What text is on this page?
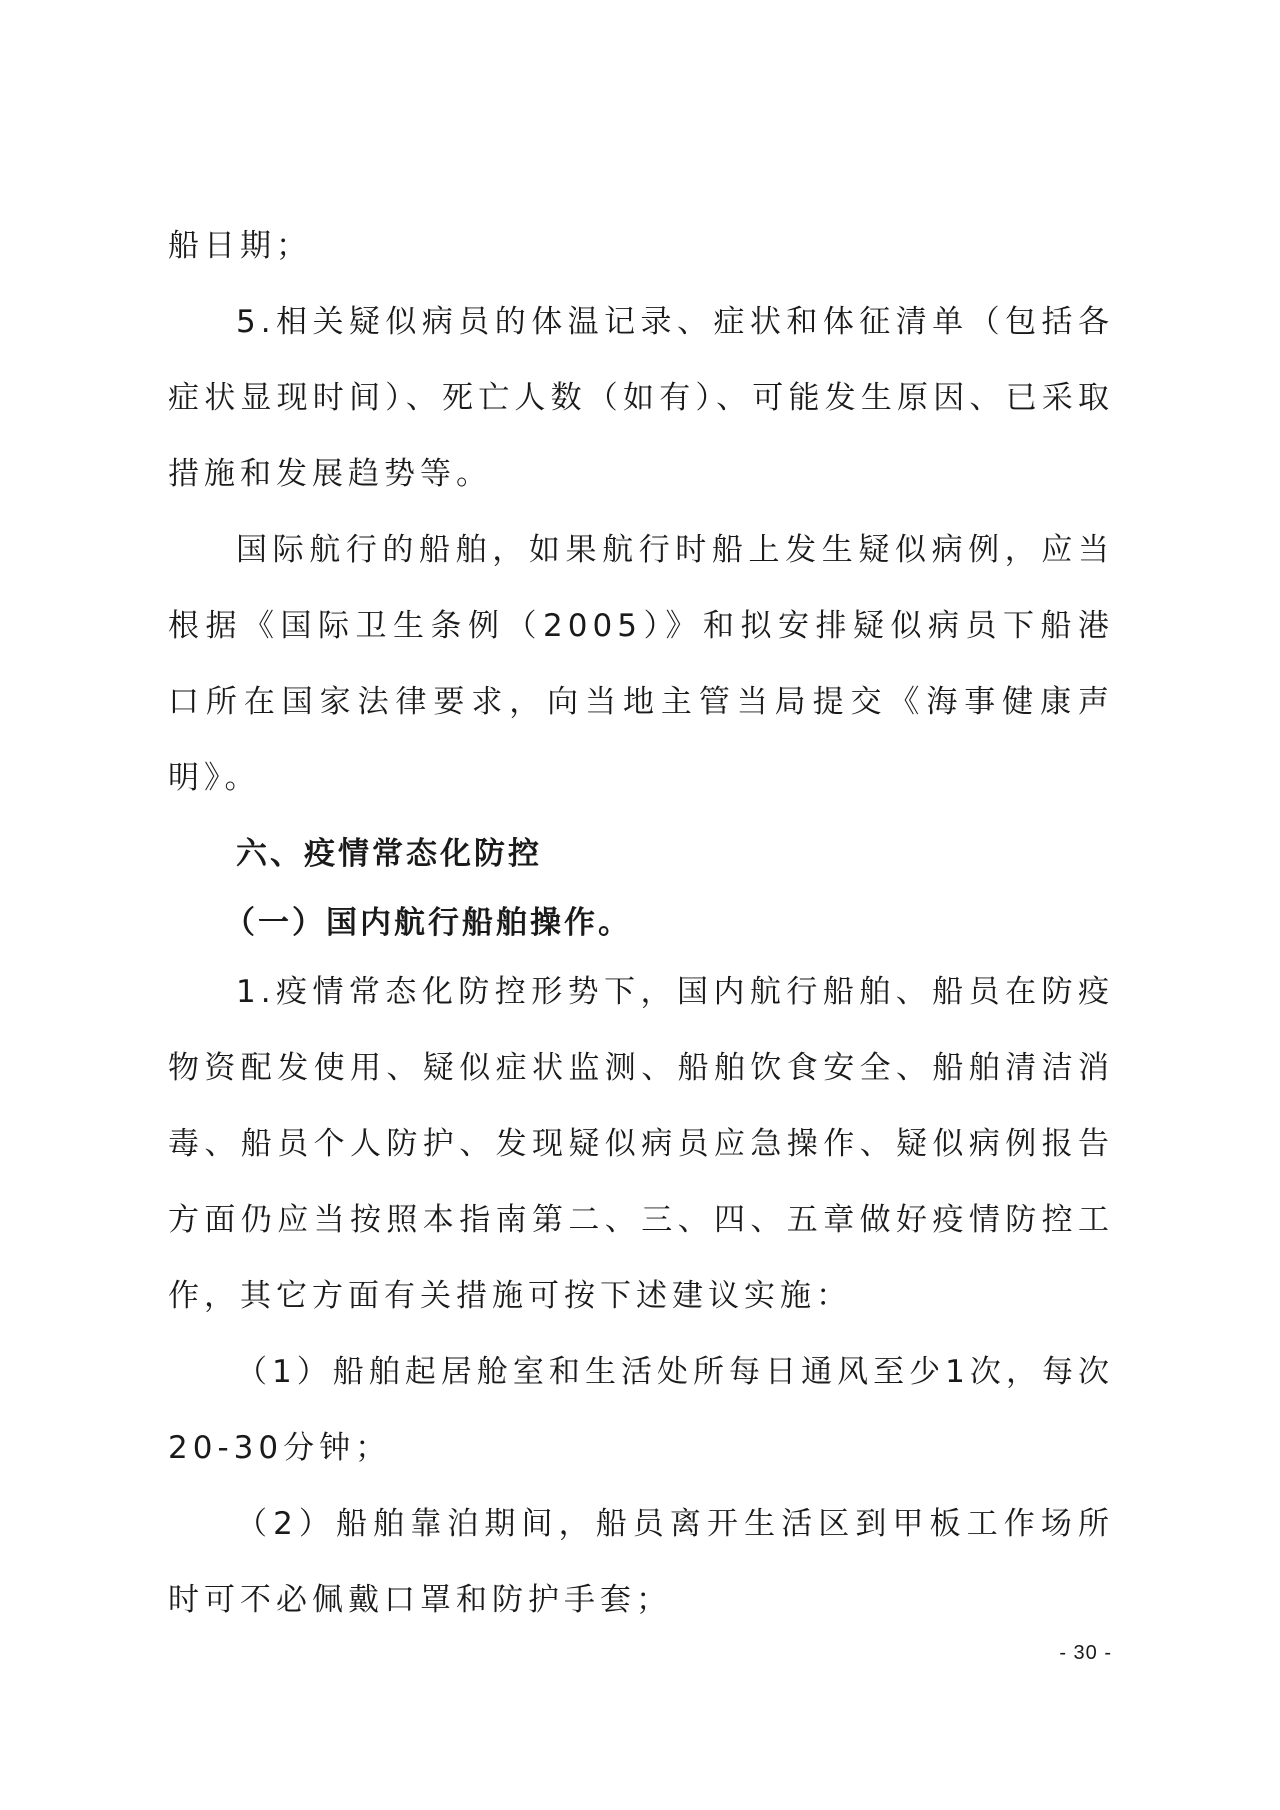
船日期；

5.相关疑似病员的体温记录、症状和体征清单（包括各症状显现时间）、死亡人数（如有）、可能发生原因、已采取措施和发展趋势等。

国际航行的船舶，如果航行时船上发生疑似病例，应当根据《国际卫生条例（2005）》和拟安排疑似病员下船港口所在国家法律要求，向当地主管当局提交《海事健康声明》。

六、疫情常态化防控
（一）国内航行船舶操作。

1.疫情常态化防控形势下，国内航行船舶、船员在防疫物资配发使用、疑似症状监测、船舶饮食安全、船舶清洁消毒、船员个人防护、发现疑似病员应急操作、疑似病例报告方面仍应当按照本指南第二、三、四、五章做好疫情防控工作，其它方面有关措施可按下述建议实施：

（1）船舶起居舱室和生活处所每日通风至少1次，每次20-30分钟；

（2）船舶靠泊期间，船员离开生活区到甲板工作场所时可不必佩戴口罩和防护手套；

- 30 -
